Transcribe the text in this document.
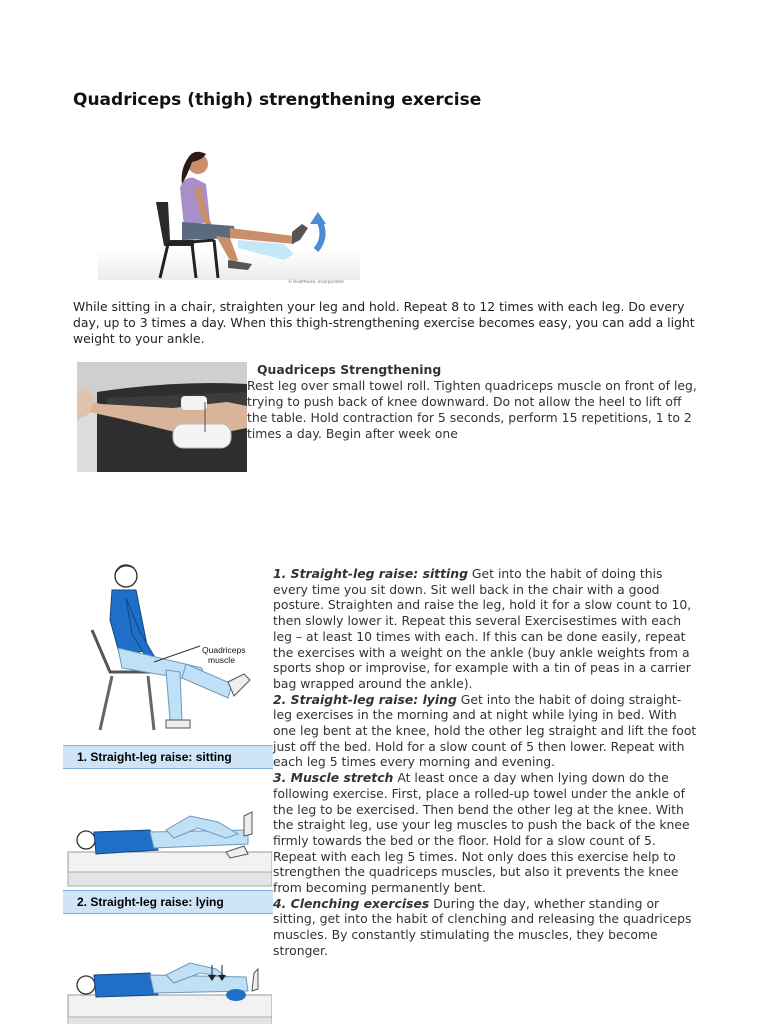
Quadriceps (thigh) strengthening exercise
© Healthwise, Incorporated
While sitting in a chair, straighten your leg and hold. Repeat 8 to 12 times with each leg. Do every day, up to 3 times a day. When this thigh-strengthening exercise becomes easy, you can add a light weight to your ankle.
Quadriceps Strengthening
Rest leg over small towel roll. Tighten quadriceps muscle on front of leg, trying to push back of knee downward. Do not allow the heel to lift off the table. Hold contraction for 5 seconds, perform 15 repetitions, 1 to 2 times a day. Begin after week one
Quadriceps muscle
1. Straight-leg raise: sitting
2. Straight-leg raise: lying
1. Straight-leg raise: sitting Get into the habit of doing this every time you sit down. Sit well back in the chair with a good posture. Straighten and raise the leg, hold it for a slow count to 10, then slowly lower it. Repeat this several Exercisestimes with each leg – at least 10 times with each. If this can be done easily, repeat the exercises with a weight on the ankle (buy ankle weights from a sports shop or improvise, for example with a tin of peas in a carrier bag wrapped around the ankle).
2. Straight-leg raise: lying Get into the habit of doing straight-leg exercises in the morning and at night while lying in bed. With one leg bent at the knee, hold the other leg straight and lift the foot just off the bed. Hold for a slow count of 5 then lower. Repeat with each leg 5 times every morning and evening.
3. Muscle stretch At least once a day when lying down do the following exercise. First, place a rolled-up towel under the ankle of the leg to be exercised. Then bend the other leg at the knee. With the straight leg, use your leg muscles to push the back of the knee firmly towards the bed or the floor. Hold for a slow count of 5. Repeat with each leg 5 times. Not only does this exercise help to strengthen the quadriceps muscles, but also it prevents the knee from becoming permanently bent.
4. Clenching exercises During the day, whether standing or sitting, get into the habit of clenching and releasing the quadriceps muscles. By constantly stimulating the muscles, they become stronger.
